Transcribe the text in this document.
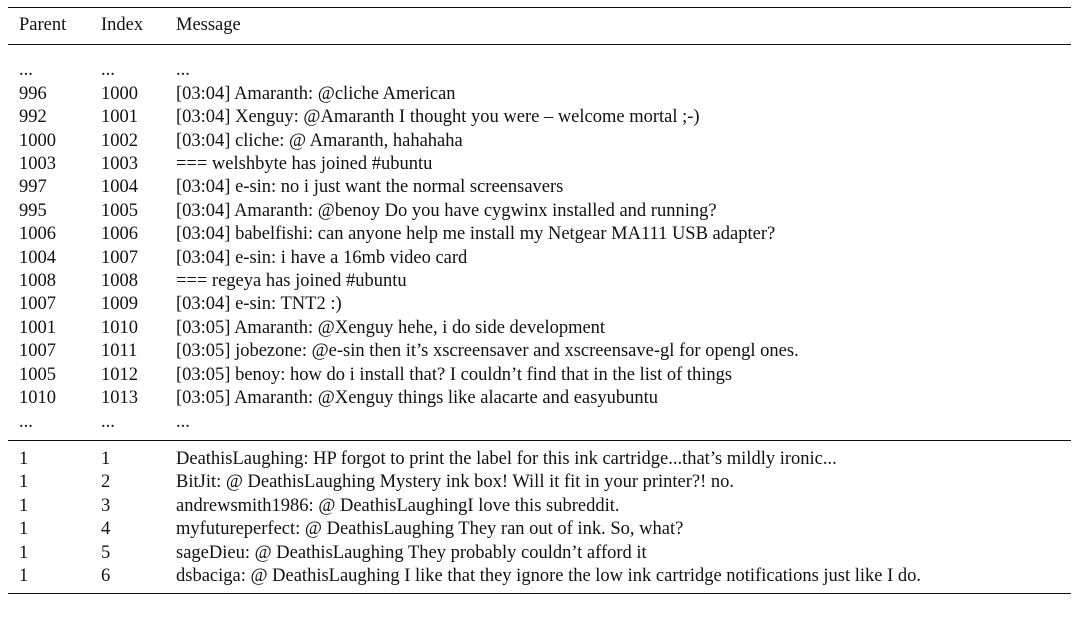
Parent	Index	Message
...	...	...
996	1000	[03:04] Amaranth: @cliche American
992	1001	[03:04] Xenguy: @Amaranth I thought you were – welcome mortal ;-)
1000	1002	[03:04] cliche: @ Amaranth, hahahaha
1003	1003	=== welshbyte has joined #ubuntu
997	1004	[03:04] e-sin: no i just want the normal screensavers
995	1005	[03:04] Amaranth: @benoy Do you have cygwinx installed and running?
1006	1006	[03:04] babelfishi: can anyone help me install my Netgear MA111 USB adapter?
1004	1007	[03:04] e-sin: i have a 16mb video card
1008	1008	=== regeya has joined #ubuntu
1007	1009	[03:04] e-sin: TNT2 :)
1001	1010	[03:05] Amaranth: @Xenguy hehe, i do side development
1007	1011	[03:05] jobezone: @e-sin then it’s xscreensaver and xscreensave-gl for opengl ones.
1005	1012	[03:05] benoy: how do i install that? I couldn’t find that in the list of things
1010	1013	[03:05] Amaranth: @Xenguy things like alacarte and easyubuntu
...	...	...
1	1	DeathisLaughing: HP forgot to print the label for this ink cartridge...that’s mildly ironic...
1	2	BitJit: @ DeathisLaughing Mystery ink box! Will it fit in your printer?! no.
1	3	andrewsmith1986: @ DeathisLaughingI love this subreddit.
1	4	myfutureperfect: @ DeathisLaughing They ran out of ink. So, what?
1	5	sageDieu: @ DeathisLaughing They probably couldn’t afford it
1	6	dsbaciga: @ DeathisLaughing I like that they ignore the low ink cartridge notifications just like I do.
